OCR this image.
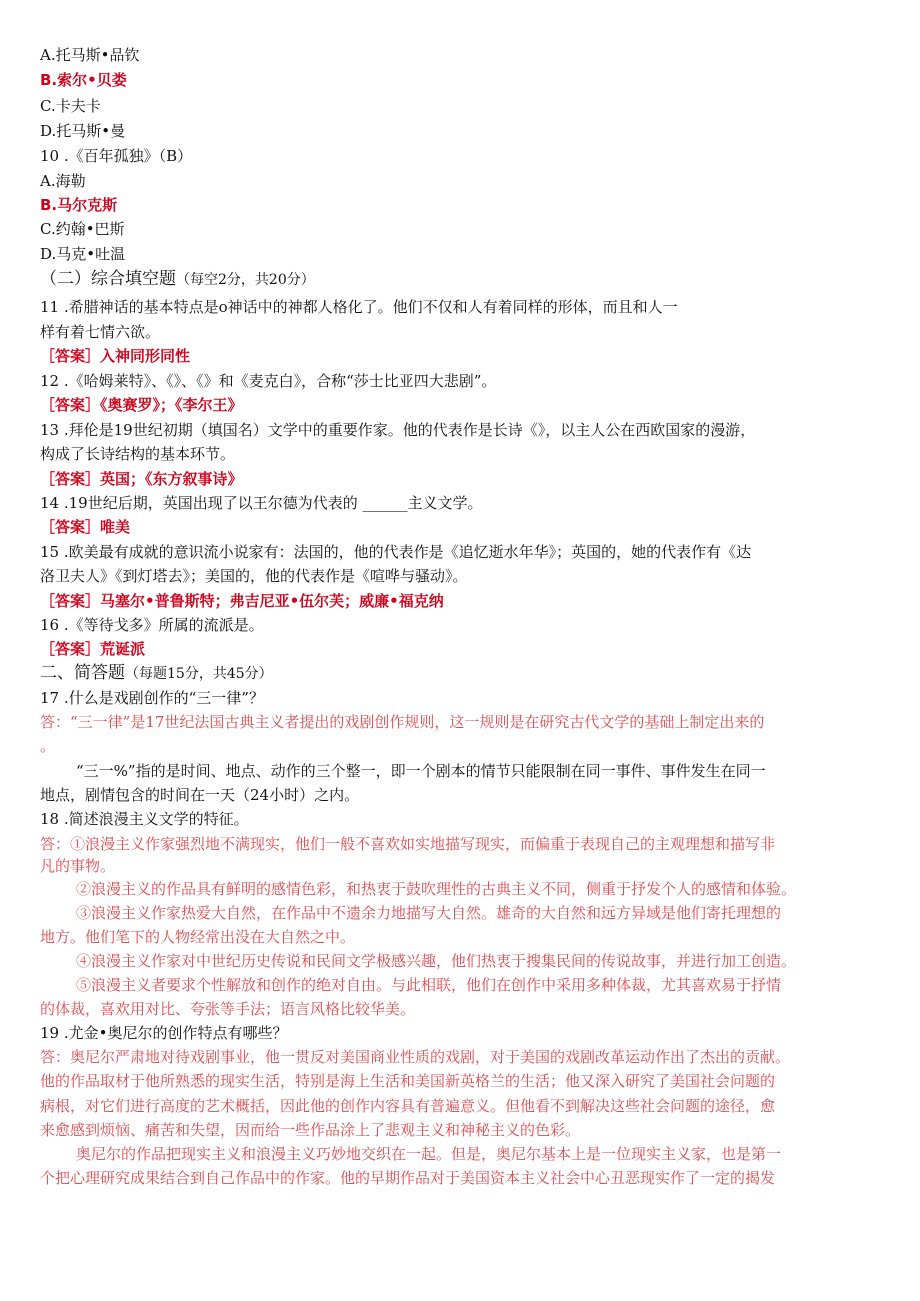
A.托马斯•品钦
B.索尔•贝娄
C.卡夫卡
D.托马斯•曼
10 .《百年孤独》（B）
A.海勒
B.马尔克斯
C.约翰•巴斯
D.马克•吐温
（二）综合填空题（每空2分，共20分）
11 .希腊神话的基本特点是o神话中的神都人格化了。他们不仅和人有着同样的形体，而且和人一
样有着七情六欲。
［答案］入神同形同性
12 .《哈姆莱特》、《》、《》和《麦克白》，合称“莎士比亚四大悲剧”。
［答案］《奥赛罗》；《李尔王》
13 .拜伦是19世纪初期（填国名）文学中的重要作家。他的代表作是长诗《》，以主人公在西欧国家的漫游，
构成了长诗结构的基本环节。
［答案］英国；《东方叙事诗》
14 .19世纪后期，英国出现了以王尔德为代表的 ______主义文学。
［答案］唯美
15 .欧美最有成就的意识流小说家有：法国的，他的代表作是《追忆逝水年华》；英国的，她的代表作有《达
洛卫夫人》《到灯塔去》；美国的，他的代表作是《喧哗与骚动》。
［答案］马塞尔•普鲁斯特；弗吉尼亚•伍尔芙；威廉•福克纳
16 .《等待戈多》所属的流派是。
［答案］荒诞派
二、简答题（每题15分，共45分）
17 .什么是戏剧创作的“三一律”？
答：“三一律”是17世纪法国古典主义者提出的戏剧创作规则，这一规则是在研究古代文学的基础上制定出来的
。
“三一%”指的是时间、地点、动作的三个整一，即一个剧本的情节只能限制在同一事件、事件发生在同一
地点，剧情包含的时间在一天（24小时）之内。
18 .简述浪漫主义文学的特征。
答：①浪漫主义作家强烈地不满现实，他们一般不喜欢如实地描写现实，而偏重于表现自己的主观理想和描写非
凡的事物。
②浪漫主义的作品具有鲜明的感情色彩，和热衷于鼓吹理性的古典主义不同，侧重于抒发个人的感情和体验。
③浪漫主义作家热爱大自然，在作品中不遗余力地描写大自然。雄奇的大自然和远方异域是他们寄托理想的
地方。他们笔下的人物经常出没在大自然之中。
④浪漫主义作家对中世纪历史传说和民间文学极感兴趣，他们热衷于搜集民间的传说故事，并进行加工创造。
⑤浪漫主义者要求个性解放和创作的绝对自由。与此相联，他们在创作中采用多种体裁，尤其喜欢易于抒情
的体裁，喜欢用对比、夸张等手法；语言风格比较华美。
19 .尤金•奥尼尔的创作特点有哪些？
答：奥尼尔严肃地对待戏剧事业，他一贯反对美国商业性质的戏剧，对于美国的戏剧改革运动作出了杰出的贡献。
他的作品取材于他所熟悉的现实生活，特别是海上生活和美国新英格兰的生活；他又深入研究了美国社会问题的
病根，对它们进行高度的艺术概括，因此他的创作内容具有普遍意义。但他看不到解决这些社会问题的途径，愈
来愈感到烦恼、痛苦和失望，因而给一些作品涂上了悲观主义和神秘主义的色彩。
奥尼尔的作品把现实主义和浪漫主义巧妙地交织在一起。但是，奥尼尔基本上是一位现实主义家，也是第一
个把心理研究成果结合到自己作品中的作家。他的早期作品对于美国资本主义社会中心丑恶现实作了一定的揭发
